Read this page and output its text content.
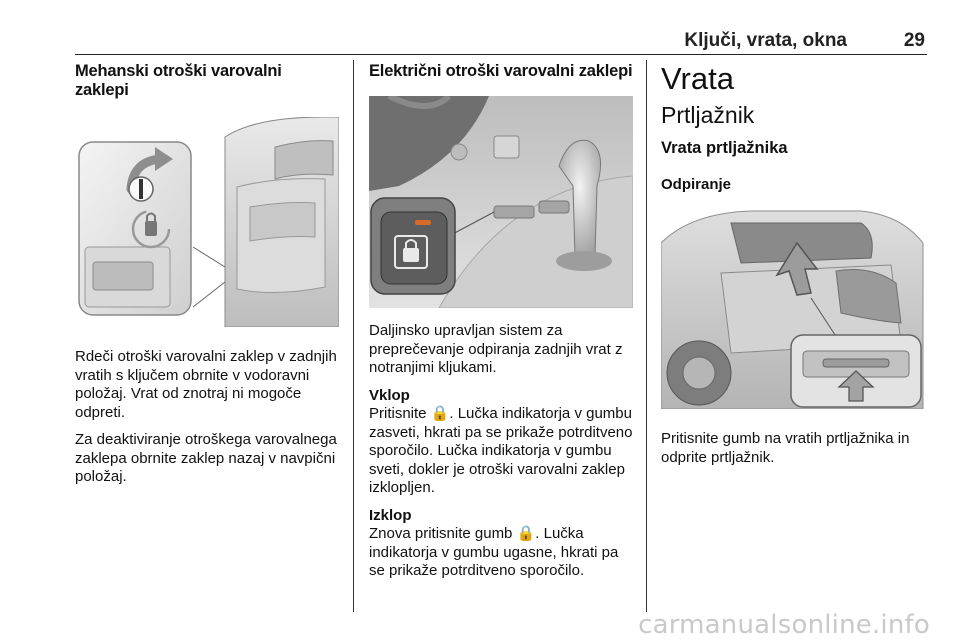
Ključi, vrata, okna	29
Mehanski otroški varovalni zaklepi

Rdeči otroški varovalni zaklep v zadnjih vratih s ključem obrnite v vodoravni položaj. Vrat od znotraj ni mogoče odpreti.

Za deaktiviranje otroškega varovalnega zaklepa obrnite zaklep nazaj v navpični položaj.

Električni otroški varovalni zaklepi

Daljinsko upravljan sistem za preprečevanje odpiranja zadnjih vrat z notranjimi kljukami.

Vklop

Pritisnite 🔒. Lučka indikatorja v gumbu zasveti, hkrati pa se prikaže potrditveno sporočilo. Lučka indikatorja v gumbu sveti, dokler je otroški varovalni zaklep izklopljen.

Izklop

Znova pritisnite gumb 🔒. Lučka indikatorja v gumbu ugasne, hkrati pa se prikaže potrditveno sporočilo.

Vrata
Prtljažnik
Vrata prtljažnika
Odpiranje

Pritisnite gumb na vratih prtljažnika in odprite prtljažnik.

carmanualsonline.info
